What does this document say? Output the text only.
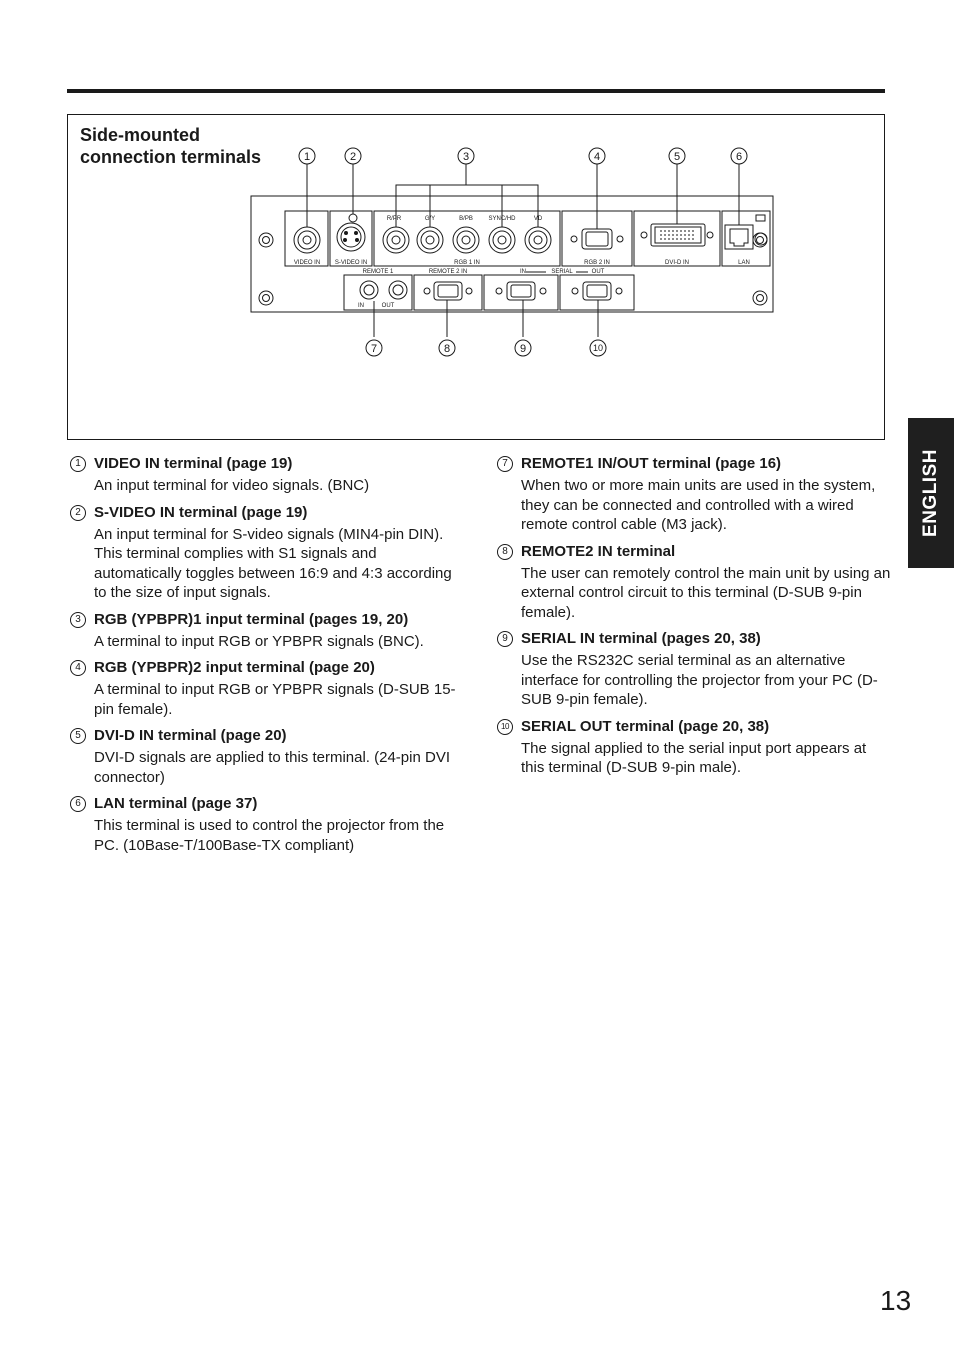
Side-mounted
connection terminals	1	2	3	4	5	6
7	8	9	10
VIDEO IN S-VIDEO IN	RGB 1 IN	RGB 2 IN	DVI-D IN	LAN
REMOTE 1	REMOTE 2 IN	IN	SERIAL	OUT
IN	OUT
R/PR	G/Y	B/PB	SYNC/HD	VD
ENGLISH
1 VIDEO IN terminal (page 19)
An input terminal for video signals. (BNC)
2 S-VIDEO IN terminal (page 19)
An input terminal for S-video signals (MIN4-pin DIN). This terminal complies with S1 signals and automatically toggles between 16:9 and 4:3 according to the size of input signals.
3 RGB (YPBPR)1 input terminal (pages 19, 20)
A terminal to input RGB or YPBPR signals (BNC).
4 RGB (YPBPR)2 input terminal (page 20)
A terminal to input RGB or YPBPR signals (D-SUB 15-pin female).
5 DVI-D IN terminal (page 20)
DVI-D signals are applied to this terminal. (24-pin DVI connector)
6 LAN terminal (page 37)
This terminal is used to control the projector from the PC. (10Base-T/100Base-TX compliant)
7 REMOTE1 IN/OUT terminal (page 16)
When two or more main units are used in the system, they can be connected and controlled with a wired remote control cable (M3 jack).
8 REMOTE2 IN terminal
The user can remotely control the main unit by using an external control circuit to this terminal (D-SUB 9-pin female).
9 SERIAL IN terminal (pages 20, 38)
Use the RS232C serial terminal as an alternative interface for controlling the projector from your PC (D-SUB 9-pin female).
10 SERIAL OUT terminal (page 20, 38)
The signal applied to the serial input port appears at this terminal (D-SUB 9-pin male).
13
